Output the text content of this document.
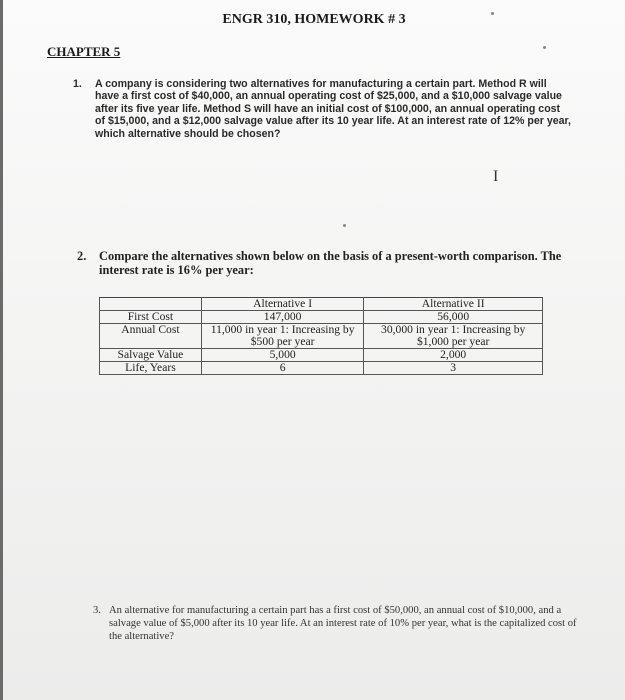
ENGR 310, HOMEWORK # 3
CHAPTER 5
1. A company is considering two alternatives for manufacturing a certain part. Method R will have a first cost of $40,000, an annual operating cost of $25,000, and a $10,000 salvage value after its five year life. Method S will have an initial cost of $100,000, an annual operating cost of $15,000, and a $12,000 salvage value after its 10 year life. At an interest rate of 12% per year, which alternative should be chosen?
I
2. Compare the alternatives shown below on the basis of a present-worth comparison. The interest rate is 16% per year:
	Alternative I	Alternative II
First Cost	147,000	56,000
Annual Cost	11,000 in year 1: Increasing by $500 per year	30,000 in year 1: Increasing by $1,000 per year
Salvage Value	5,000	2,000
Life, Years	6	3
3. An alternative for manufacturing a certain part has a first cost of $50,000, an annual cost of $10,000, and a salvage value of $5,000 after its 10 year life. At an interest rate of 10% per year, what is the capitalized cost of the alternative?
